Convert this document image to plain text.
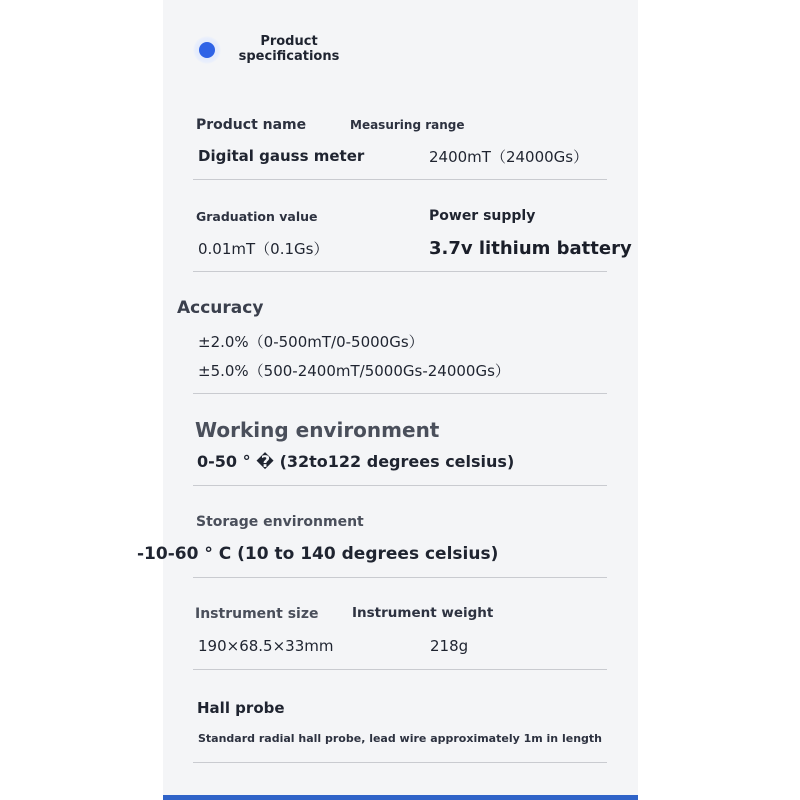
Product
specifications
Product name	Measuring range
Digital gauss meter	2400mT（24000Gs）
Graduation value	Power supply
0.01mT（0.1Gs）	3.7v lithium battery
Accuracy
±2.0%（0-500mT/0-5000Gs）
±5.0%（500-2400mT/5000Gs-24000Gs）
Working environment
0-50 ° � (32to122 degrees celsius)
Storage environment
-10-60 ° C (10 to 140 degrees celsius)
Instrument size Instrument weight
190×68.5×33mm	218g
Hall probe
Standard radial hall probe, lead wire approximately 1m in length
